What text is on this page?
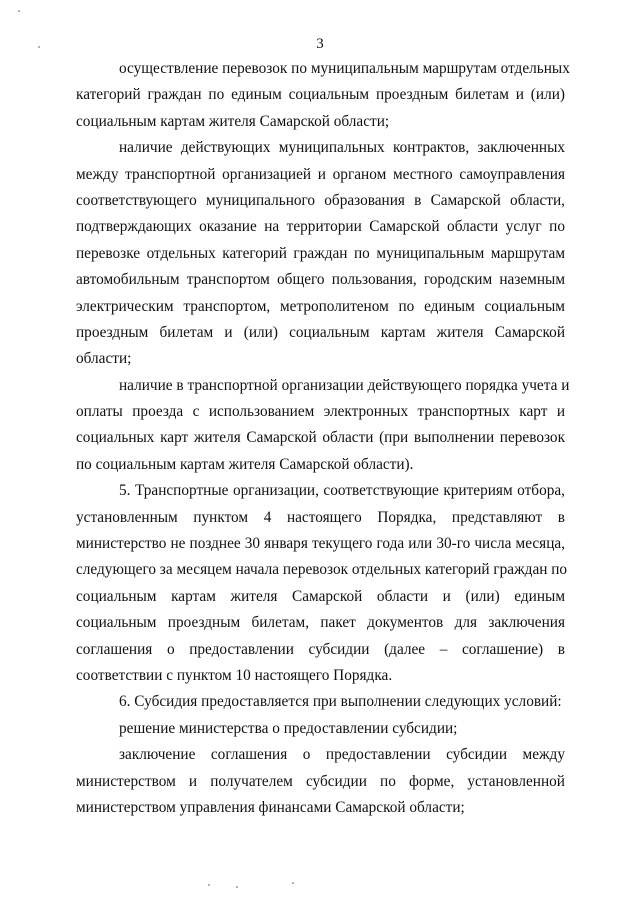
3

осуществление перевозок по муниципальным маршрутам отдельных
категорий граждан по единым социальным проездным билетам и (или)
социальным картам жителя Самарской области;

наличие действующих муниципальных контрактов, заключенных
между транспортной организацией и органом местного самоуправления
соответствующего муниципального образования в Самарской области,
подтверждающих оказание на территории Самарской области услуг по
перевозке отдельных категорий граждан по муниципальным маршрутам
автомобильным транспортом общего пользования, городским наземным
электрическим транспортом, метрополитеном по единым социальным
проездным билетам и (или) социальным картам жителя Самарской
области;

наличие в транспортной организации действующего порядка учета и
оплаты проезда с использованием электронных транспортных карт и
социальных карт жителя Самарской области (при выполнении перевозок
по социальным картам жителя Самарской области).

5. Транспортные организации, соответствующие критериям отбора,
установленным пунктом 4 настоящего Порядка, представляют в
министерство не позднее 30 января текущего года или 30-го числа месяца,
следующего за месяцем начала перевозок отдельных категорий граждан по
социальным картам жителя Самарской области и (или) единым
социальным проездным билетам, пакет документов для заключения
соглашения о предоставлении субсидии (далее – соглашение) в
соответствии с пунктом 10 настоящего Порядка.

6. Субсидия предоставляется при выполнении следующих условий:

решение министерства о предоставлении субсидии;

заключение соглашения о предоставлении субсидии между
министерством и получателем субсидии по форме, установленной
министерством управления финансами Самарской области;
